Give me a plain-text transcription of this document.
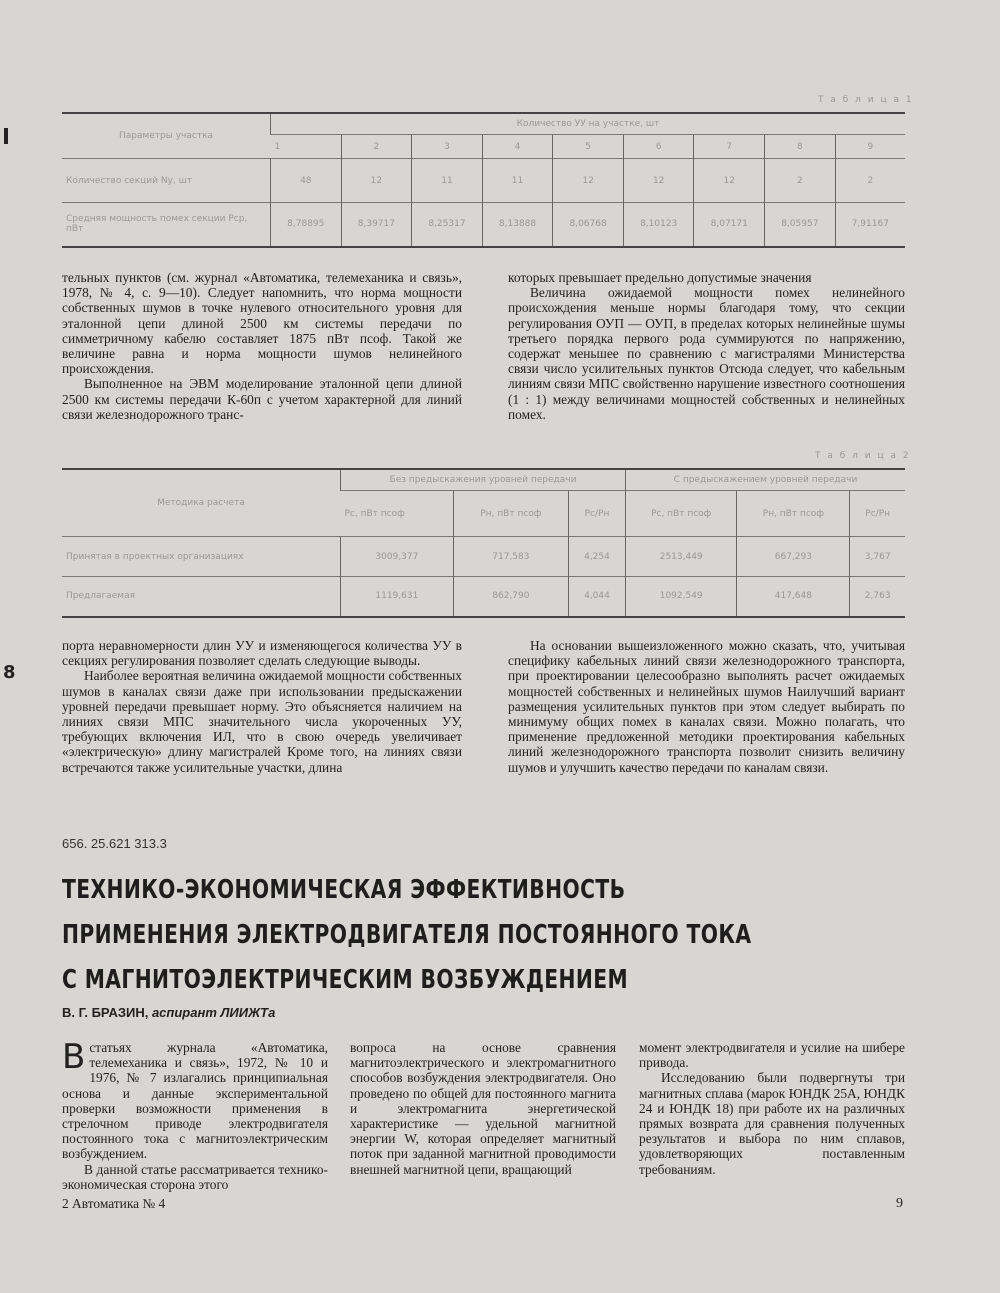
8
Т а б л и ц а 1
Параметры участка	Количество УУ на участке, шт								
	1	2	3	4	5	6	7	8	9
Количество секций Nу, шт	48	12	11	11	12	12	12	2	2
Средняя мощность помех секции Рср, пВт	8,78895	8,39717	8,25317	8,13888	8,06768	8,10123	8,07171	8,05957	7,91167

тельных пунктов (см. журнал «Автоматика, телемеханика и связь», 1978, № 4, с. 9—10). Следует напомнить, что норма мощности собственных шумов в точке нулевого относительного уровня для эталонной цепи длиной 2500 км системы передачи по симметричному кабелю составляет 1875 пВт псоф. Такой же величине равна и норма мощности шумов нелинейного происхождения.

Выполненное на ЭВМ моделирование эталонной цепи длиной 2500 км системы передачи К-60п с учетом характерной для линий связи железнодорожного транс-

которых превышает предельно допустимые значения

Величина ожидаемой мощности помех нелинейного происхождения меньше нормы благодаря тому, что секции регулирования ОУП — ОУП, в пределах которых нелинейные шумы третьего порядка первого рода суммируются по напряжению, содержат меньшее по сравнению с магистралями Министерства связи число усилительных пунктов Отсюда следует, что кабельным линиям связи МПС свойственно нарушение известного соотношения (1 : 1) между величинами мощностей собственных и нелинейных помех.

Т а б л и ц а 2
Методика расчета	Без предыскажения уровней передачи			С предыскажением уровней передачи		
	Рс, пВт псоф	Рн, пВт псоф	Рс/Рн	Рс, пВт псоф	Рн, пВт псоф	Рс/Рн
Принятая в проектных организациях	3009,377	717,583	4,254	2513,449	667,293	3,767
Предлагаемая	1119,631	862,790	4,044	1092,549	417,648	2,763

порта неравномерности длин УУ и изменяющегося количества УУ в секциях регулирования позволяет сделать следующие выводы.

Наиболее вероятная величина ожидаемой мощности собственных шумов в каналах связи даже при использовании предыскажении уровней передачи превышает норму. Это объясняется наличием на линиях связи МПС значительного числа укороченных УУ, требующих включения ИЛ, что в свою очередь увеличивает «электрическую» длину магистралей Кроме того, на линиях связи встречаются также усилительные участки, длина

На основании вышеизложенного можно сказать, что, учитывая специфику кабельных линий связи железнодорожного транспорта, при проектировании целесообразно выполнять расчет ожидаемых мощностей собственных и нелинейных шумов Наилучший вариант размещения усилительных пунктов при этом следует выбирать по минимуму общих помех в каналах связи. Можно полагать, что применение предложенной методики проектирования кабельных линий железнодорожного транспорта позволит снизить величину шумов и улучшить качество передачи по каналам связи.

656. 25.621 313.3
ТЕХНИКО-ЭКОНОМИЧЕСКАЯ ЭФФЕКТИВНОСТЬ
ПРИМЕНЕНИЯ ЭЛЕКТРОДВИГАТЕЛЯ ПОСТОЯННОГО ТОКА
С МАГНИТОЭЛЕКТРИЧЕСКИМ ВОЗБУЖДЕНИЕМ
В. Г. БРАЗИН, аспирант ЛИИЖТа

Встатьях журнала «Автоматика, телемеханика и связь», 1972, № 10 и 1976, № 7 излагались принципиальная основа и данные экспериментальной проверки возможности применения в стрелочном приводе электродвигателя постоянного тока с магнитоэлектрическим возбуждением.

В данной статье рассматривается технико-экономическая сторона этого

вопроса на основе сравнения магнитоэлектрического и электромагнитного способов возбуждения электродвигателя. Оно проведено по общей для постоянного магнита и электромагнита энергетической характеристике — удельной магнитной энергии W, которая определяет магнитный поток при заданной магнитной проводимости внешней магнитной цепи, вращающий

момент электродвигателя и усилие на шибере привода.

Исследованию были подвергнуты три магнитных сплава (марок ЮНДК 25А, ЮНДК 24 и ЮНДК 18) при работе их на различных прямых возврата для сравнения полученных результатов и выбора по ним сплавов, удовлетворяющих поставленным требованиям.

2 Автоматика № 4	9
